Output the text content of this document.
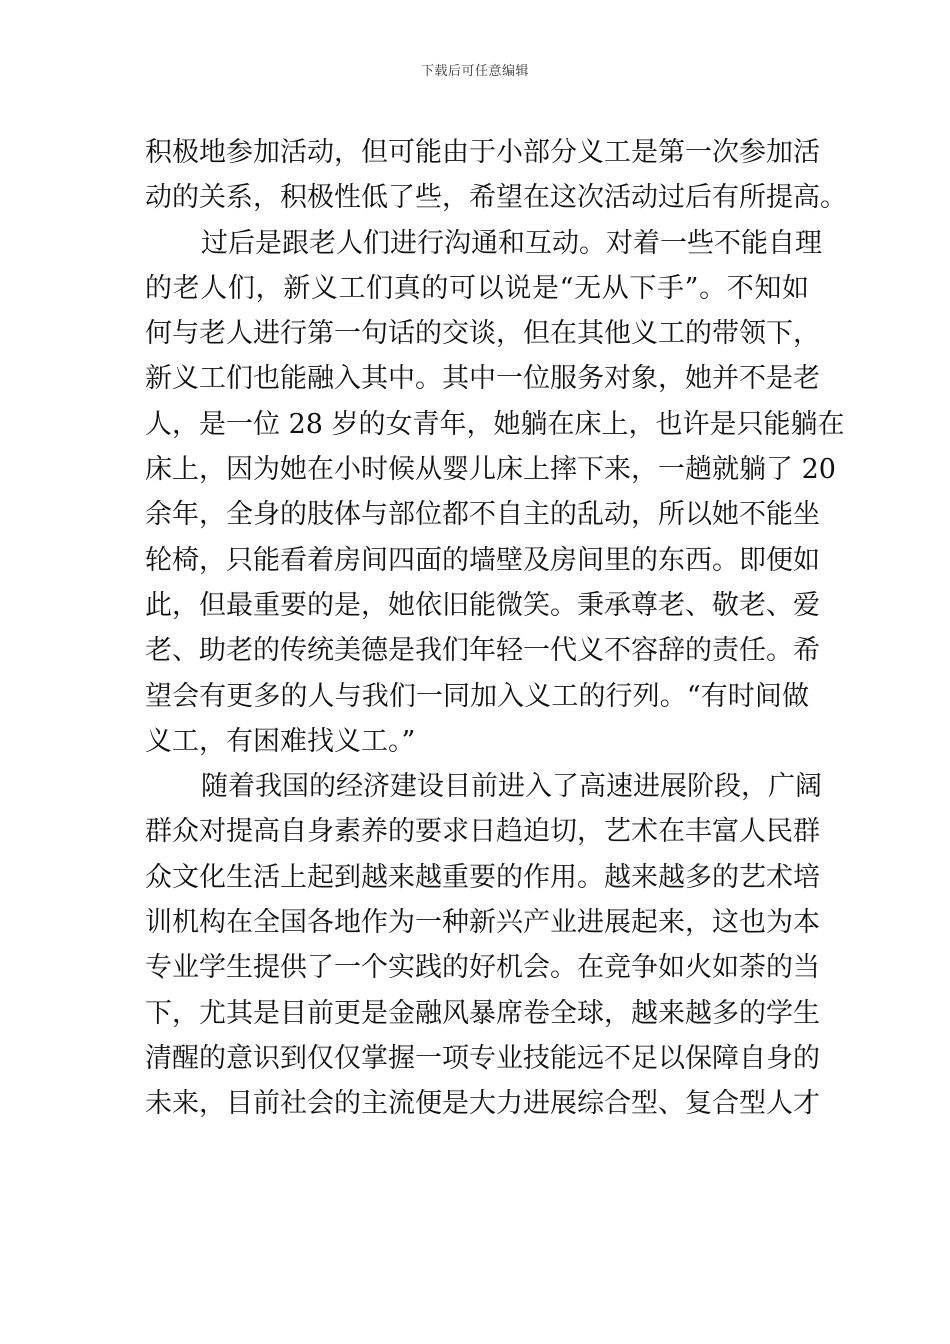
下载后可任意编辑
积极地参加活动，但可能由于小部分义工是第一次参加活
动的关系，积极性低了些，希望在这次活动过后有所提高。
过后是跟老人们进行沟通和互动。对着一些不能自理
的老人们，新义工们真的可以说是“无从下手”。不知如
何与老人进行第一句话的交谈，但在其他义工的带领下，
新义工们也能融入其中。其中一位服务对象，她并不是老
人，是一位 28 岁的女青年，她躺在床上，也许是只能躺在
床上，因为她在小时候从婴儿床上摔下来，一趟就躺了 20
余年，全身的肢体与部位都不自主的乱动，所以她不能坐
轮椅，只能看着房间四面的墙壁及房间里的东西。即便如
此，但最重要的是，她依旧能微笑。秉承尊老、敬老、爱
老、助老的传统美德是我们年轻一代义不容辞的责任。希
望会有更多的人与我们一同加入义工的行列。“有时间做
义工，有困难找义工。”
随着我国的经济建设目前进入了高速进展阶段，广阔
群众对提高自身素养的要求日趋迫切，艺术在丰富人民群
众文化生活上起到越来越重要的作用。越来越多的艺术培
训机构在全国各地作为一种新兴产业进展起来，这也为本
专业学生提供了一个实践的好机会。在竞争如火如荼的当
下，尤其是目前更是金融风暴席卷全球，越来越多的学生
清醒的意识到仅仅掌握一项专业技能远不足以保障自身的
未来，目前社会的主流便是大力进展综合型、复合型人才
